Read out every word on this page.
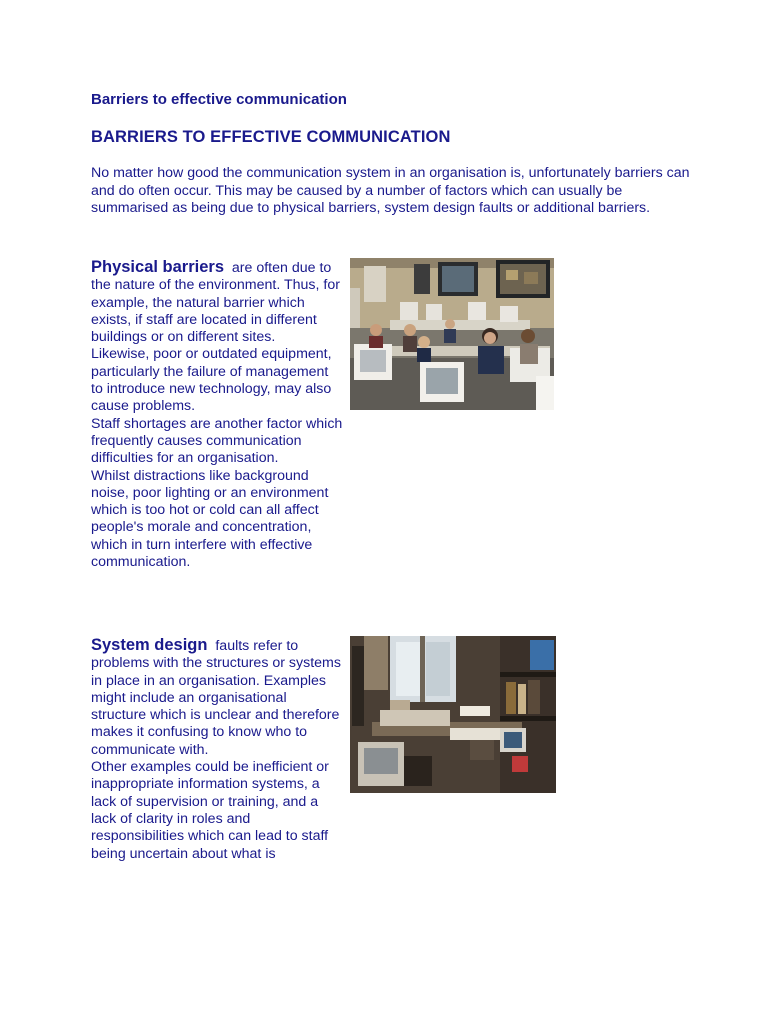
Barriers to effective communication
BARRIERS TO EFFECTIVE COMMUNICATION

No matter how good the communication system in an organisation is, unfortunately barriers can and do often occur. This may be caused by a number of factors which can usually be summarised as being due to physical barriers, system design faults or additional barriers.

Physical barriers are often due to the nature of the environment. Thus, for example, the natural barrier which exists, if staff are located in different buildings or on different sites.
Likewise, poor or outdated equipment, particularly the failure of management to introduce new technology, may also cause problems.
Staff shortages are another factor which frequently causes communication difficulties for an organisation.
Whilst distractions like background noise, poor lighting or an environment which is too hot or cold can all affect people's morale and concentration, which in turn interfere with effective communication.
System design faults refer to problems with the structures or systems in place in an organisation. Examples might include an organisational structure which is unclear and therefore makes it confusing to know who to communicate with.
Other examples could be inefficient or inappropriate information systems, a lack of supervision or training, and a lack of clarity in roles and responsibilities which can lead to staff being uncertain about what is
